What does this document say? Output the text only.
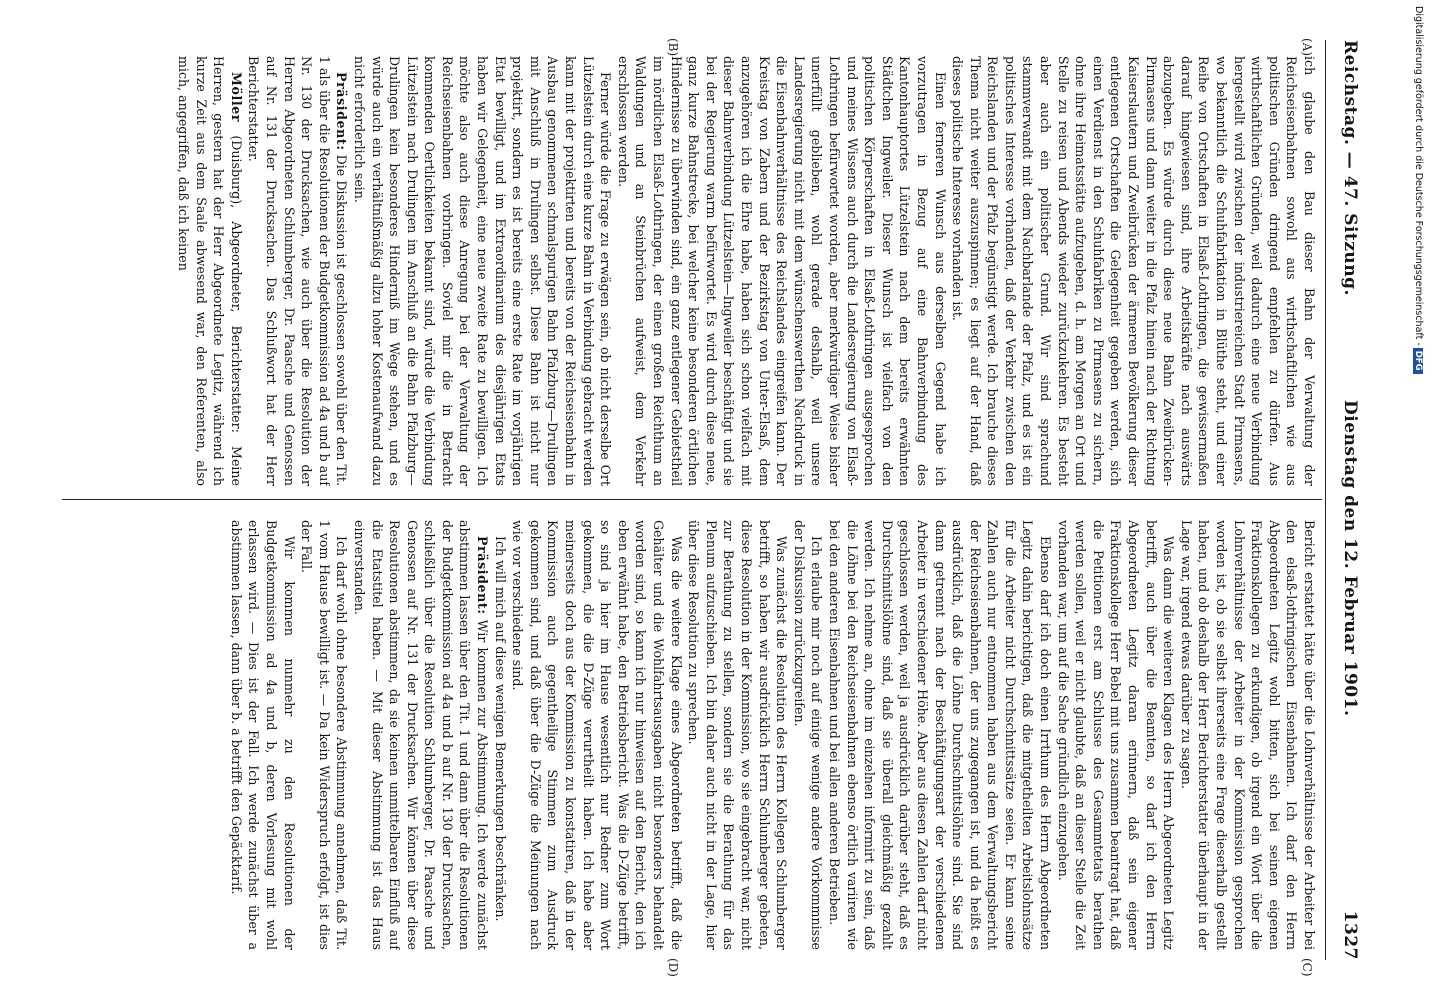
Reichstag. — 47. Sitzung.
Dienstag den 12. Februar 1901.
1327
(A)
(B)
(C)
(D)

ich glaube den Bau dieser Bahn der Verwaltung der Reichseisenbahnen sowohl aus wirthschaftlichen wie aus politischen Gründen dringend empfehlen zu dürfen. Aus wirthschaftlichen Gründen, weil dadurch eine neue Verbindung hergestellt wird zwischen der industriereichen Stadt Pirmasens, wo bekanntlich die Schuhfabrikation in Blüthe steht, und einer Reihe von Ortschaften in Elsaß-Lothringen, die gewissermaßen darauf hingewiesen sind, ihre Arbeitskräfte nach auswärts abzugeben. Es würde durch diese neue Bahn Zweibrücken-Pirmasens und dann weiter in die Pfalz hinein nach der Richtung Kaiserslautern und Zweibrücken der ärmeren Bevölkerung dieser entlegenen Ortschaften die Gelegenheit gegeben werden, sich einen Verdienst in den Schuhfabriken zu Pirmasens zu sichern, ohne ihre Heimatsstätte aufzugeben, d. h. am Morgen an Ort und Stelle zu reisen und Abends wieder zurückzukehren. Es besteht aber auch ein politischer Grund. Wir sind sprachund stammverwandt mit dem Nachbarlande der Pfalz, und es ist ein politisches Interesse vorhanden, daß der Verkehr zwischen den Reichslanden und der Pfalz begünstigt werde. Ich brauche dieses Thema nicht weiter auszuspinnen; es liegt auf der Hand, daß dieses politische Interesse vorhanden ist.

Einen ferneren Wunsch aus derselben Gegend habe ich vorzutragen in Bezug auf eine Bahnverbindung des Kantonhauptortes Lützelstein nach dem bereits erwähnten Städtchen Ingweiler. Dieser Wunsch ist vielfach von den politischen Körperschaften in Elsaß-Lothringen ausgesprochen und meines Wissens auch durch die Landesregierung von Elsaß-Lothringen befürwortet worden, aber merkwürdiger Weise bisher unerfüllt geblieben, wohl gerade deshalb, weil unsere Landesregierung nicht mit dem wünschenswerthen Nachdruck in die Eisenbahnverhältnisse des Reichslandes eingreifen kann. Der Kreistag von Zabern und der Bezirkstag von Unter-Elsaß, dem anzugehören ich die Ehre habe, haben sich schon vielfach mit dieser Bahnverbindung Lützelstein—Ingweiler beschäftigt und sie bei der Regierung warm befürwortet. Es wird durch diese neue, ganz kurze Bahnstrecke, bei welcher keine besonderen örtlichen Hindernisse zu überwinden sind, ein ganz entlegener Gebietstheil im nördlichen Elsaß-Lothringen, der einen großen Reichthum an Waldungen und an Steinbrüchen aufweist, dem Verkehr erschlossen werden.

Ferner würde die Frage zu erwägen sein, ob nicht derselbe Ort Lützelstein durch eine kurze Bahn in Verbindung gebracht werden kann mit der projektirten und bereits von der Reichseisenbahn in Ausbau genommenen schmalspurigen Bahn Pfalzburg—Drulingen mit Anschluß in Drulingen selbst. Diese Bahn ist nicht nur projektirt, sondern es ist bereits eine erste Rate im vorjährigen Etat bewilligt, und im Extraordinarium des diesjährigen Etats haben wir Gelegenheit, eine neue zweite Rate zu bewilligen. Ich möchte also auch diese Anregung bei der Verwaltung der Reichseisenbahnen vorbringen. Soviel mir die in Betracht kommenden Oertlichkeiten bekannt sind, würde die Verbindung Lützelstein nach Drulingen im Anschluß an die Bahn Pfalzburg—Drulingen kein besonderes Hinderniß im Wege stehen, und es würde auch ein verhältnißmäßig allzu hoher Kostenaufwand dazu nicht erforderlich sein.

Präsident: Die Diskussion ist geschlossen sowohl über den Tit. 1 als über die Resolutionen der Budgetkommission ad 4a und b auf Nr. 130 der Drucksachen, wie auch über die Resolution der Herren Abgeordneten Schlumberger, Dr. Paasche und Genossen auf Nr. 131 der Drucksachen. Das Schlußwort hat der Herr Berichterstatter.

Möller (Duisburg), Abgeordneter, Berichterstatter: Meine Herren, gestern hat der Herr Abgeordnete Legitz, während ich kurze Zeit aus dem Saale abwesend war, den Referenten, also mich, angegriffen, daß ich keinen

Bericht erstattet hätte über die Lohnverhältnisse der Arbeiter bei den elsaß-lothringischen Eisenbahnen. Ich darf den Herrn Abgeordneten Legitz wohl bitten, sich bei seinen eigenen Fraktionskollegen zu erkundigen, ob irgend ein Wort über die Lohnverhältnisse der Arbeiter in der Kommission gesprochen worden ist, ob sie selbst ihrerseits eine Frage dieserhalb gestellt haben, und ob deshalb der Herr Berichterstatter überhaupt in der Lage war, irgend etwas darüber zu sagen.

Was dann die weiteren Klagen des Herrn Abgeordneten Legitz betrifft, auch über die Beamten, so darf ich den Herrn Abgeordneten Legitz daran erinnern, daß sein eigener Fraktionskollege Herr Bebel mit uns zusammen beantragt hat, daß die Petitionen erst am Schlusse des Gesammtetats berathen werden sollen, weil er nicht glaubte, daß an dieser Stelle die Zeit vorhanden war, um auf die Sache gründlich einzugehen.

Ebenso darf ich doch einen Irrthum des Herrn Abgeordneten Legitz dahin berichtigen, daß die mitgetheilten Arbeitslohnsätze für die Arbeiter nicht Durchschnittssätze seien. Er kann seine Zahlen auch nur entnommen haben aus dem Verwaltungsbericht der Reichseisenbahnen, der uns zugegangen ist, und da heißt es ausdrücklich, daß die Löhne Durchschnittslöhne sind. Sie sind dann getrennt nach der Beschäftigungsart der verschiedenen Arbeiter in verschiedener Höhe. Aber aus diesen Zahlen darf nicht geschlossen werden, weil ja ausdrücklich darüber steht, daß es Durchschnittslöhne sind, daß sie überall gleichmäßig gezahlt werden. Ich nehme an, ohne im einzelnen informirt zu sein, daß die Löhne bei den Reichseisenbahnen ebenso örtlich variiren wie bei den anderen Eisenbahnen und bei allen anderen Betrieben.

Ich erlaube mir noch auf einige wenige andere Vorkommnisse der Diskussion zurückzugreifen.

Was zunächst die Resolution des Herrn Kollegen Schlumberger betrifft, so haben wir ausdrücklich Herrn Schlumberger gebeten, diese Resolution in der Kommission, wo sie eingebracht war, nicht zur Berathung zu stellen, sondern sie die Berathung für das Plenum aufzuschieben. Ich bin daher auch nicht in der Lage, hier über diese Resolution zu sprechen.

Was die weitere Klage eines Abgeordneten betrifft, daß die Gehälter und die Wohlfahrtsausgaben nicht besonders behandelt worden sind, so kann ich nur hinweisen auf den Bericht, den ich eben erwähnt habe, den Betriebsbericht. Was die D-Züge betrifft, so sind ja hier im Hause wesentlich nur Redner zum Wort gekommen, die die D-Züge verurtheilt haben. Ich habe aber meinerseits doch aus der Kommission zu konstatiren, daß in der Kommission auch gegentheilige Stimmen zum Ausdruck gekommen sind, und daß über die D-Züge die Meinungen nach wie vor verschiedene sind.

Ich will mich auf diese wenigen Bemerkungen beschränken.

Präsident: Wir kommen zur Abstimmung. Ich werde zunächst abstimmen lassen über den Tit. 1 und dann über die Resolutionen der Budgetkommission ad 4a und b auf Nr. 130 der Drucksachen, schließlich über die Resolution Schlumberger, Dr. Paasche und Genossen auf Nr. 131 der Drucksachen. Wir können über diese Resolutionen abstimmen, da sie keinen unmittelbaren Einfluß auf die Etatstitel haben. — Mit dieser Abstimmung ist das Haus einverstanden.

Ich darf wohl ohne besondere Abstimmung annehmen, daß Tit. 1 vom Hause bewilligt ist. — Da kein Widerspruch erfolgt, ist dies der Fall.

Wir kommen nunmehr zu den Resolutionen der Budgetkommission ad 4a und b, deren Vorlesung mit wohl erlassen wird. — Dies ist der Fall. Ich werde zunächst über a abstimmen lassen, dann über b. a betrifft den Gepäcktarif.

Digitalisierung gefördert durch die Deutsche Forschungsgemeinschaft -DFG
